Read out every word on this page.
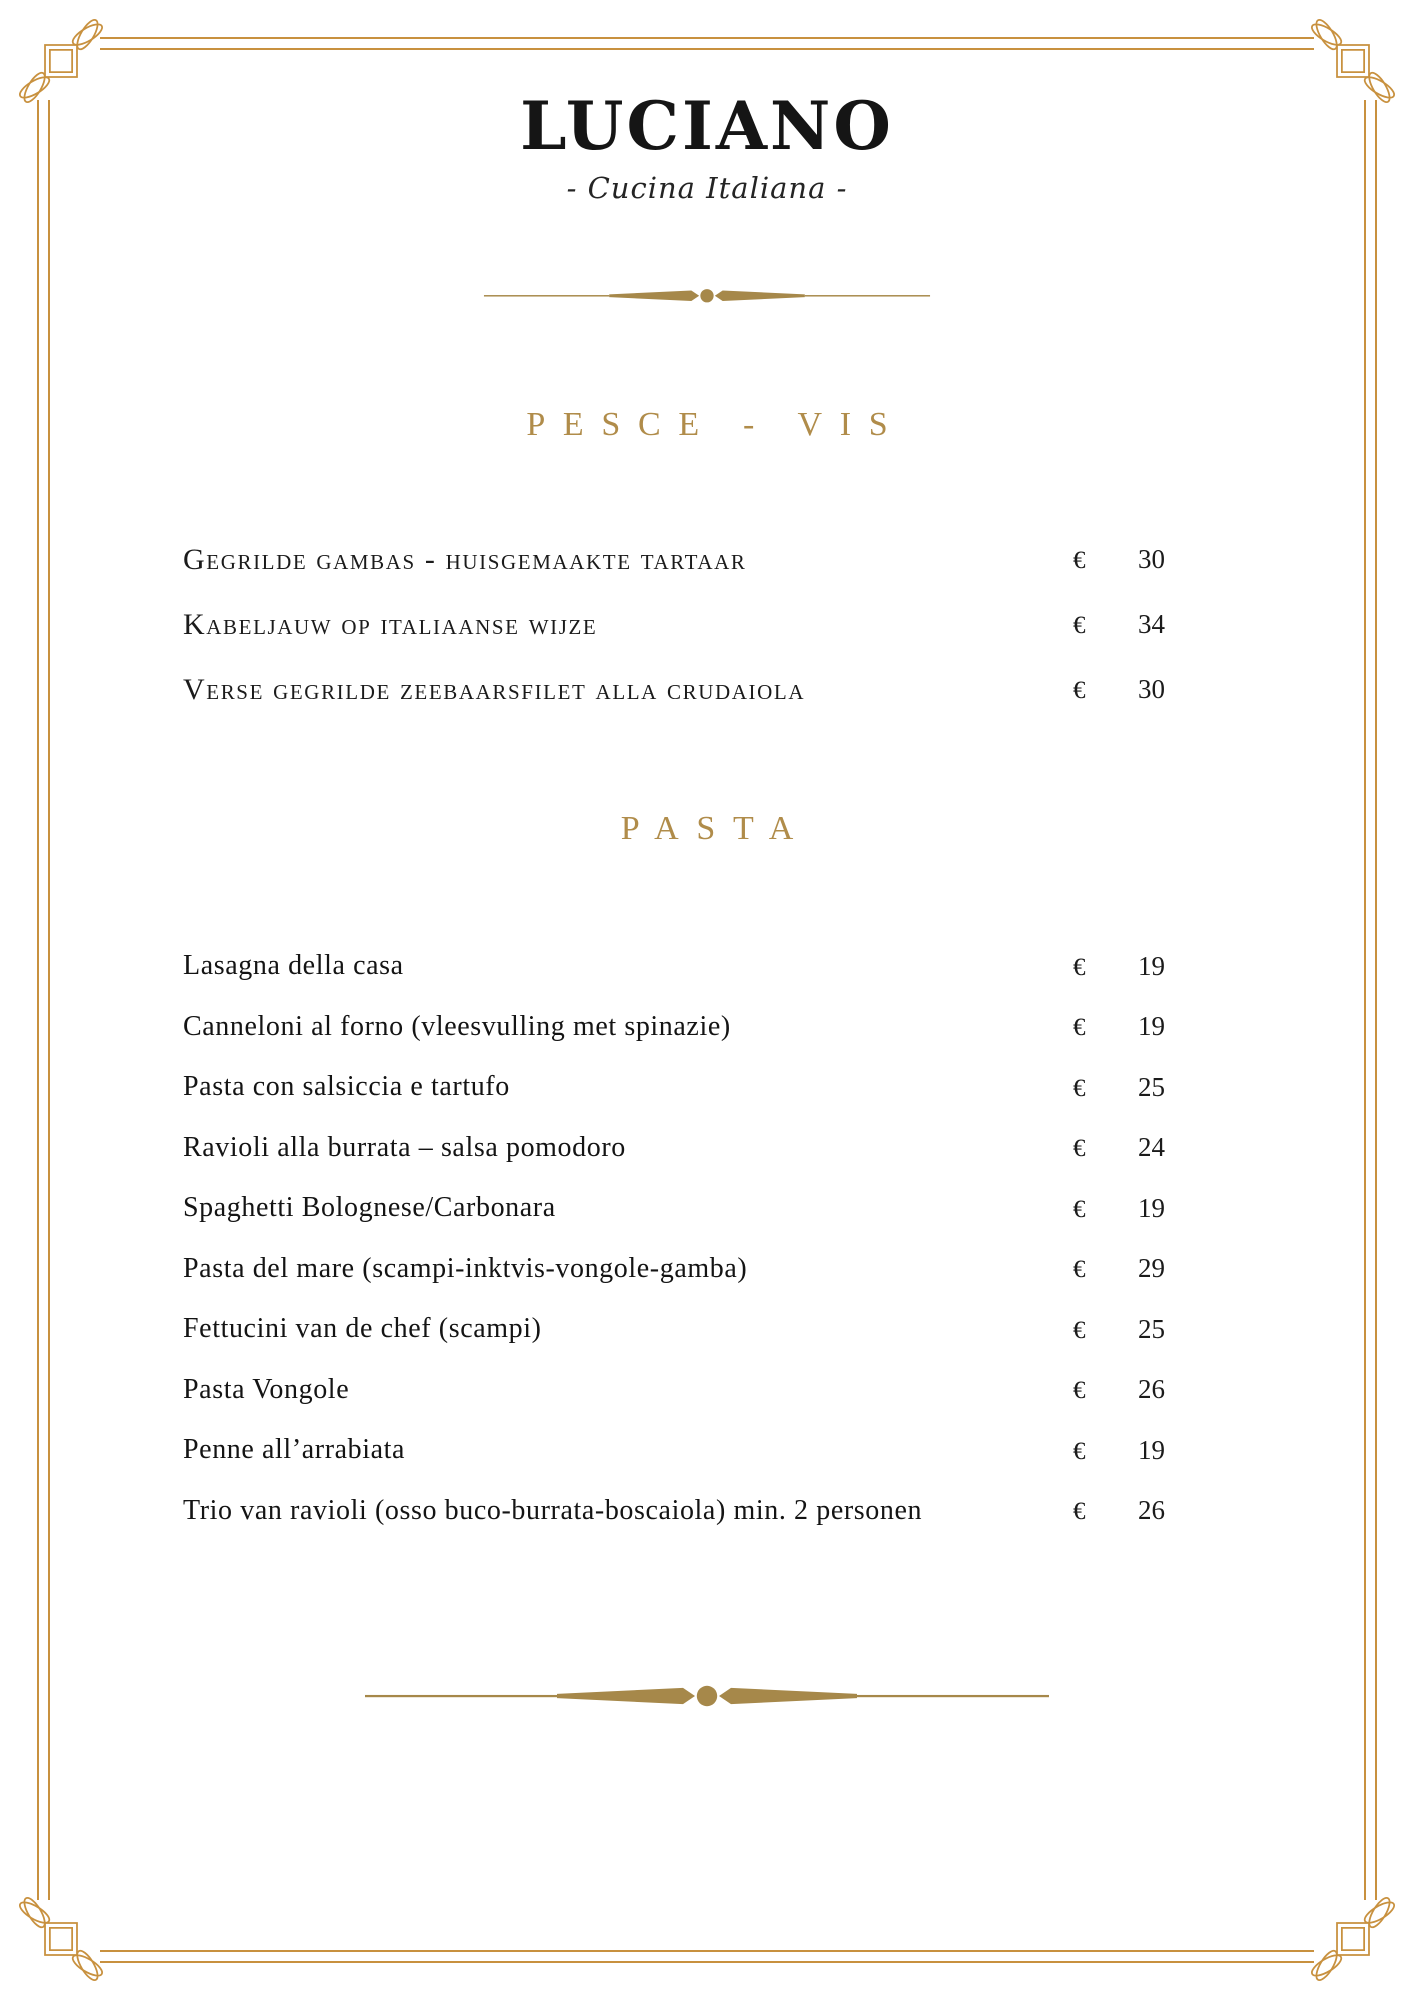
LUCIANO
- Cucina Italiana -
PESCE - VIS
Gegrilde gambas - huisgemaakte tartaar	€ 30
Kabeljauw op italiaanse wijze	€ 34
Verse gegrilde zeebaarsfilet alla crudaiola	€ 30
PASTA
Lasagna della casa	€ 19
Canneloni al forno (vleesvulling met spinazie)	€ 19
Pasta con salsiccia e tartufo	€ 25
Ravioli alla burrata – salsa pomodoro	€ 24
Spaghetti Bolognese/Carbonara	€ 19
Pasta del mare (scampi-inktvis-vongole-gamba)	€ 29
Fettucini van de chef (scampi)	€ 25
Pasta Vongole	€ 26
Penne all’arrabiata	€ 19
Trio van ravioli (osso buco-burrata-boscaiola) min. 2 personen	€ 26
